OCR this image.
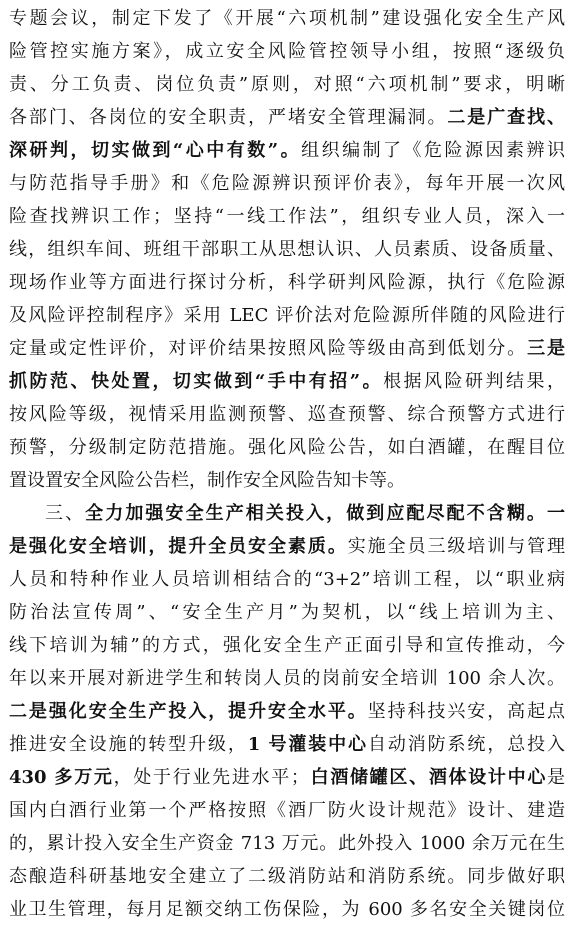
专题会议，制定下发了《开展“六项机制”建设强化安全生产风
险管控实施方案》，成立安全风险管控领导小组，按照“逐级负
责、分工负责、岗位负责”原则，对照“六项机制”要求，明晰
各部门、各岗位的安全职责，严堵安全管理漏洞。二是广查找、
深研判，切实做到“心中有数”。组织编制了《危险源因素辨识
与防范指导手册》和《危险源辨识预评价表》，每年开展一次风
险查找辨识工作；坚持“一线工作法”，组织专业人员，深入一
线，组织车间、班组干部职工从思想认识、人员素质、设备质量、
现场作业等方面进行探讨分析，科学研判风险源，执行《危险源
及风险评控制程序》采用 LEC 评价法对危险源所伴随的风险进行
定量或定性评价，对评价结果按照风险等级由高到低划分。三是
抓防范、快处置，切实做到“手中有招”。根据风险研判结果，
按风险等级，视情采用监测预警、巡查预警、综合预警方式进行
预警，分级制定防范措施。强化风险公告，如白酒罐，在醒目位
置设置安全风险公告栏，制作安全风险告知卡等。
三、全力加强安全生产相关投入，做到应配尽配不含糊。一
是强化安全培训，提升全员安全素质。实施全员三级培训与管理
人员和特种作业人员培训相结合的“3+2”培训工程，以“职业病
防治法宣传周”、“安全生产月”为契机，以“线上培训为主、
线下培训为辅”的方式，强化安全生产正面引导和宣传推动，今
年以来开展对新进学生和转岗人员的岗前安全培训 100 余人次。
二是强化安全生产投入，提升安全水平。坚持科技兴安，高起点
推进安全设施的转型升级，1 号灌装中心自动消防系统，总投入
430 多万元，处于行业先进水平；白酒储罐区、酒体设计中心是
国内白酒行业第一个严格按照《酒厂防火设计规范》设计、建造
的，累计投入安全生产资金 713 万元。此外投入 1000 余万元在生
态酿造科研基地安全建立了二级消防站和消防系统。同步做好职
业卫生管理，每月足额交纳工伤保险，为 600 多名安全关键岗位
